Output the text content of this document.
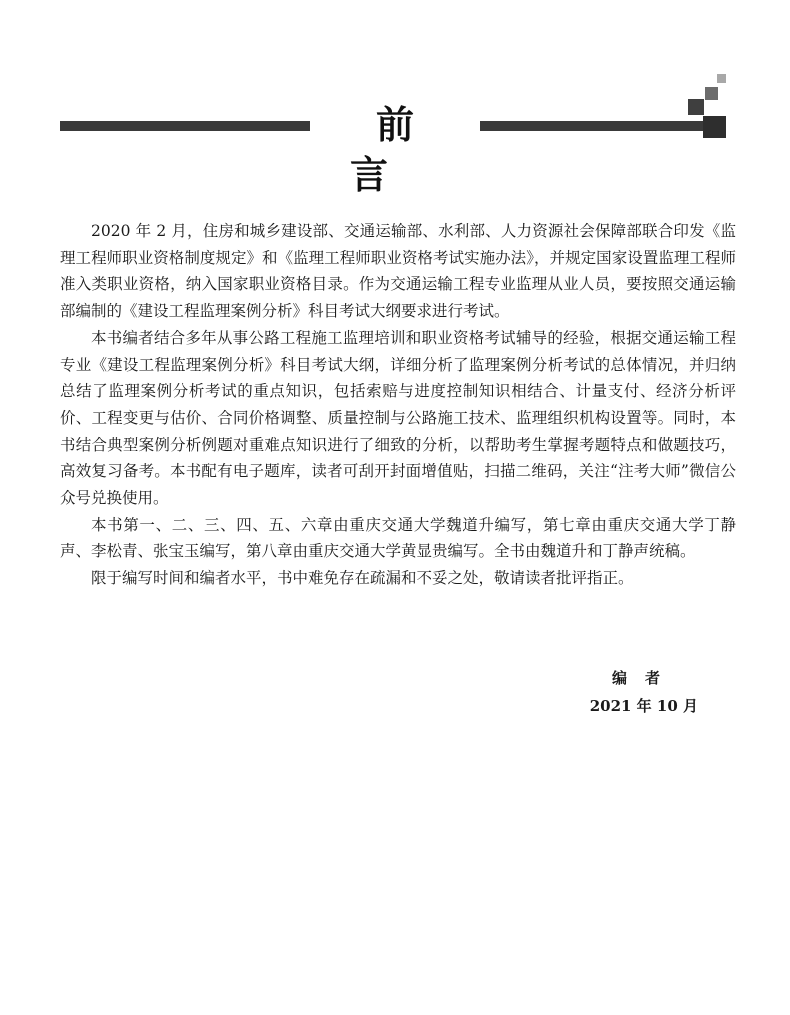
前言

2020 年 2 月，住房和城乡建设部、交通运输部、水利部、人力资源社会保障部联合印发《监理工程师职业资格制度规定》和《监理工程师职业资格考试实施办法》，并规定国家设置监理工程师准入类职业资格，纳入国家职业资格目录。作为交通运输工程专业监理从业人员，要按照交通运输部编制的《建设工程监理案例分析》科目考试大纲要求进行考试。

本书编者结合多年从事公路工程施工监理培训和职业资格考试辅导的经验，根据交通运输工程专业《建设工程监理案例分析》科目考试大纲，详细分析了监理案例分析考试的总体情况，并归纳总结了监理案例分析考试的重点知识，包括索赔与进度控制知识相结合、计量支付、经济分析评价、工程变更与估价、合同价格调整、质量控制与公路施工技术、监理组织机构设置等。同时，本书结合典型案例分析例题对重难点知识进行了细致的分析，以帮助考生掌握考题特点和做题技巧，高效复习备考。本书配有电子题库，读者可刮开封面增值贴，扫描二维码，关注“注考大师”微信公众号兑换使用。

本书第一、二、三、四、五、六章由重庆交通大学魏道升编写，第七章由重庆交通大学丁静声、李松青、张宝玉编写，第八章由重庆交通大学黄显贵编写。全书由魏道升和丁静声统稿。

限于编写时间和编者水平，书中难免存在疏漏和不妥之处，敬请读者批评指正。

编者
2021 年 10 月
